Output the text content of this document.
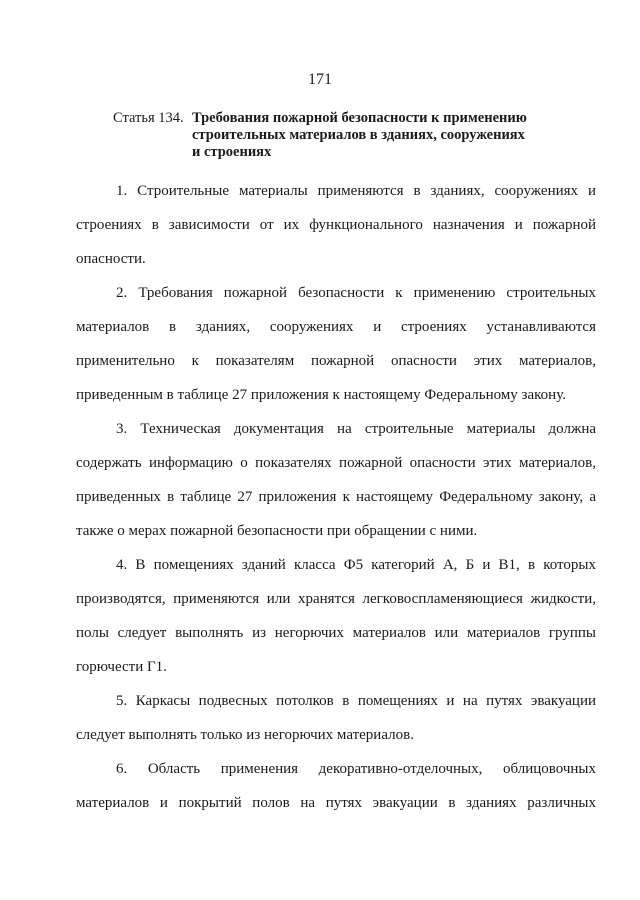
171
Статья 134. Требования пожарной безопасности к применению
строительных материалов в зданиях, сооружениях
и строениях
1. Строительные материалы применяются в зданиях, сооружениях и
строениях в зависимости от их функционального назначения и пожарной
опасности.
2. Требования пожарной безопасности к применению строительных
материалов в зданиях, сооружениях и строениях устанавливаются
применительно к показателям пожарной опасности этих материалов,
приведенным в таблице 27 приложения к настоящему Федеральному закону.
3. Техническая документация на строительные материалы должна
содержать информацию о показателях пожарной опасности этих материалов,
приведенных в таблице 27 приложения к настоящему Федеральному закону, а
также о мерах пожарной безопасности при обращении с ними.
4. В помещениях зданий класса Ф5 категорий А, Б и В1, в которых
производятся, применяются или хранятся легковоспламеняющиеся жидкости,
полы следует выполнять из негорючих материалов или материалов группы
горючести Г1.
5. Каркасы подвесных потолков в помещениях и на путях эвакуации
следует выполнять только из негорючих материалов.
6. Область применения декоративно-отделочных, облицовочных
материалов и покрытий полов на путях эвакуации в зданиях различных
